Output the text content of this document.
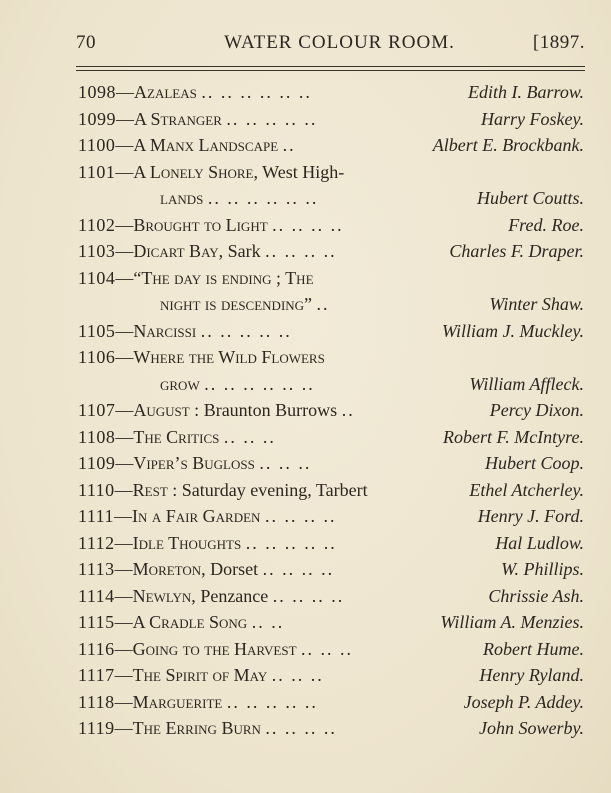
70	WATER COLOUR ROOM.	[1897.
1098—Azaleas .. .. .. .. .. ..	Edith I. Barrow.
1099—A Stranger .. .. .. .. ..	Harry Foskey.
1100—A Manx Landscape ..	Albert E. Brockbank.
1101—A Lonely Shore, West High-
lands .. .. .. .. .. ..	Hubert Coutts.
1102—Brought to Light .. .. .. ..	Fred. Roe.
1103—Dicart Bay, Sark .. .. .. ..	Charles F. Draper.
1104—“The day is ending ; The
night is descending” ..	Winter Shaw.
1105—Narcissi .. .. .. .. ..	William J. Muckley.
1106—Where the Wild Flowers
grow .. .. .. .. .. ..	William Affleck.
1107—August : Braunton Burrows ..	Percy Dixon.
1108—The Critics .. .. ..	Robert F. McIntyre.
1109—Viper’s Bugloss .. .. ..	Hubert Coop.
1110—Rest : Saturday evening, Tarbert	Ethel Atcherley.
1111—In a Fair Garden .. .. .. ..	Henry J. Ford.
1112—Idle Thoughts .. .. .. .. ..	Hal Ludlow.
1113—Moreton, Dorset .. .. .. ..	W. Phillips.
1114—Newlyn, Penzance .. .. .. ..	Chrissie Ash.
1115—A Cradle Song .. ..	William A. Menzies.
1116—Going to the Harvest .. .. ..	Robert Hume.
1117—The Spirit of May .. .. ..	Henry Ryland.
1118—Marguerite .. .. .. .. ..	Joseph P. Addey.
1119—The Erring Burn .. .. .. ..	John Sowerby.
